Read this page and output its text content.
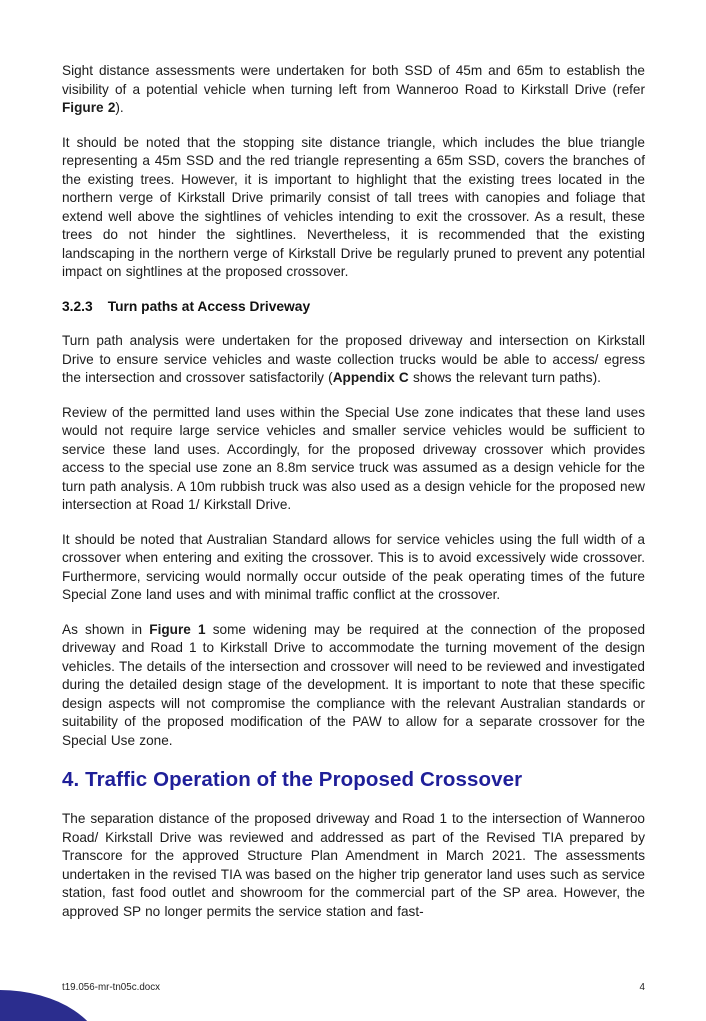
Sight distance assessments were undertaken for both SSD of 45m and 65m to establish the visibility of a potential vehicle when turning left from Wanneroo Road to Kirkstall Drive (refer Figure 2).

It should be noted that the stopping site distance triangle, which includes the blue triangle representing a 45m SSD and the red triangle representing a 65m SSD, covers the branches of the existing trees. However, it is important to highlight that the existing trees located in the northern verge of Kirkstall Drive primarily consist of tall trees with canopies and foliage that extend well above the sightlines of vehicles intending to exit the crossover. As a result, these trees do not hinder the sightlines. Nevertheless, it is recommended that the existing landscaping in the northern verge of Kirkstall Drive be regularly pruned to prevent any potential impact on sightlines at the proposed crossover.

3.2.3 Turn paths at Access Driveway

Turn path analysis were undertaken for the proposed driveway and intersection on Kirkstall Drive to ensure service vehicles and waste collection trucks would be able to access/ egress the intersection and crossover satisfactorily (Appendix C shows the relevant turn paths).

Review of the permitted land uses within the Special Use zone indicates that these land uses would not require large service vehicles and smaller service vehicles would be sufficient to service these land uses. Accordingly, for the proposed driveway crossover which provides access to the special use zone an 8.8m service truck was assumed as a design vehicle for the turn path analysis. A 10m rubbish truck was also used as a design vehicle for the proposed new intersection at Road 1/ Kirkstall Drive.

It should be noted that Australian Standard allows for service vehicles using the full width of a crossover when entering and exiting the crossover. This is to avoid excessively wide crossover. Furthermore, servicing would normally occur outside of the peak operating times of the future Special Zone land uses and with minimal traffic conflict at the crossover.

As shown in Figure 1 some widening may be required at the connection of the proposed driveway and Road 1 to Kirkstall Drive to accommodate the turning movement of the design vehicles. The details of the intersection and crossover will need to be reviewed and investigated during the detailed design stage of the development. It is important to note that these specific design aspects will not compromise the compliance with the relevant Australian standards or suitability of the proposed modification of the PAW to allow for a separate crossover for the Special Use zone.

4. Traffic Operation of the Proposed Crossover

The separation distance of the proposed driveway and Road 1 to the intersection of Wanneroo Road/ Kirkstall Drive was reviewed and addressed as part of the Revised TIA prepared by Transcore for the approved Structure Plan Amendment in March 2021. The assessments undertaken in the revised TIA was based on the higher trip generator land uses such as service station, fast food outlet and showroom for the commercial part of the SP area. However, the approved SP no longer permits the service station and fast-

t19.056-mr-tn05c.docx	4
